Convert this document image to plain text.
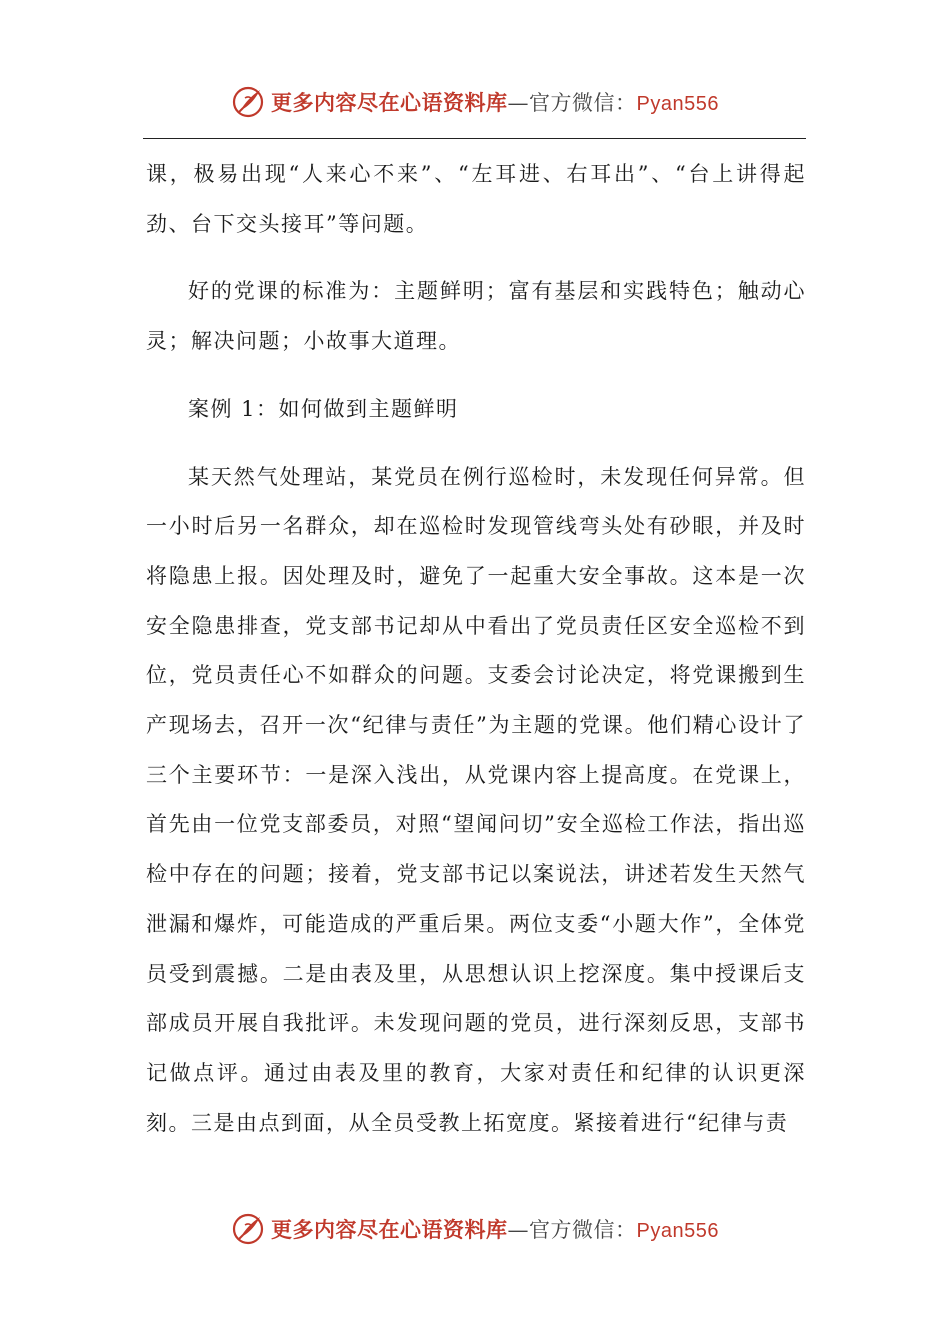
更多内容尽在心语资料库—官方微信：Pyan556

课，极易出现“人来心不来”、“左耳进、右耳出”、“台上讲得起劲、台下交头接耳”等问题。

好的党课的标准为：主题鲜明；富有基层和实践特色；触动心灵；解决问题；小故事大道理。

案例 1：如何做到主题鲜明

某天然气处理站，某党员在例行巡检时，未发现任何异常。但一小时后另一名群众，却在巡检时发现管线弯头处有砂眼，并及时将隐患上报。因处理及时，避免了一起重大安全事故。这本是一次安全隐患排查，党支部书记却从中看出了党员责任区安全巡检不到位，党员责任心不如群众的问题。支委会讨论决定，将党课搬到生产现场去，召开一次“纪律与责任”为主题的党课。他们精心设计了三个主要环节：一是深入浅出，从党课内容上提高度。在党课上，首先由一位党支部委员，对照“望闻问切”安全巡检工作法，指出巡检中存在的问题；接着，党支部书记以案说法，讲述若发生天然气泄漏和爆炸，可能造成的严重后果。两位支委“小题大作”，全体党员受到震撼。二是由表及里，从思想认识上挖深度。集中授课后支部成员开展自我批评。未发现问题的党员，进行深刻反思，支部书记做点评。通过由表及里的教育，大家对责任和纪律的认识更深刻。三是由点到面，从全员受教上拓宽度。紧接着进行“纪律与责

更多内容尽在心语资料库—官方微信：Pyan556
